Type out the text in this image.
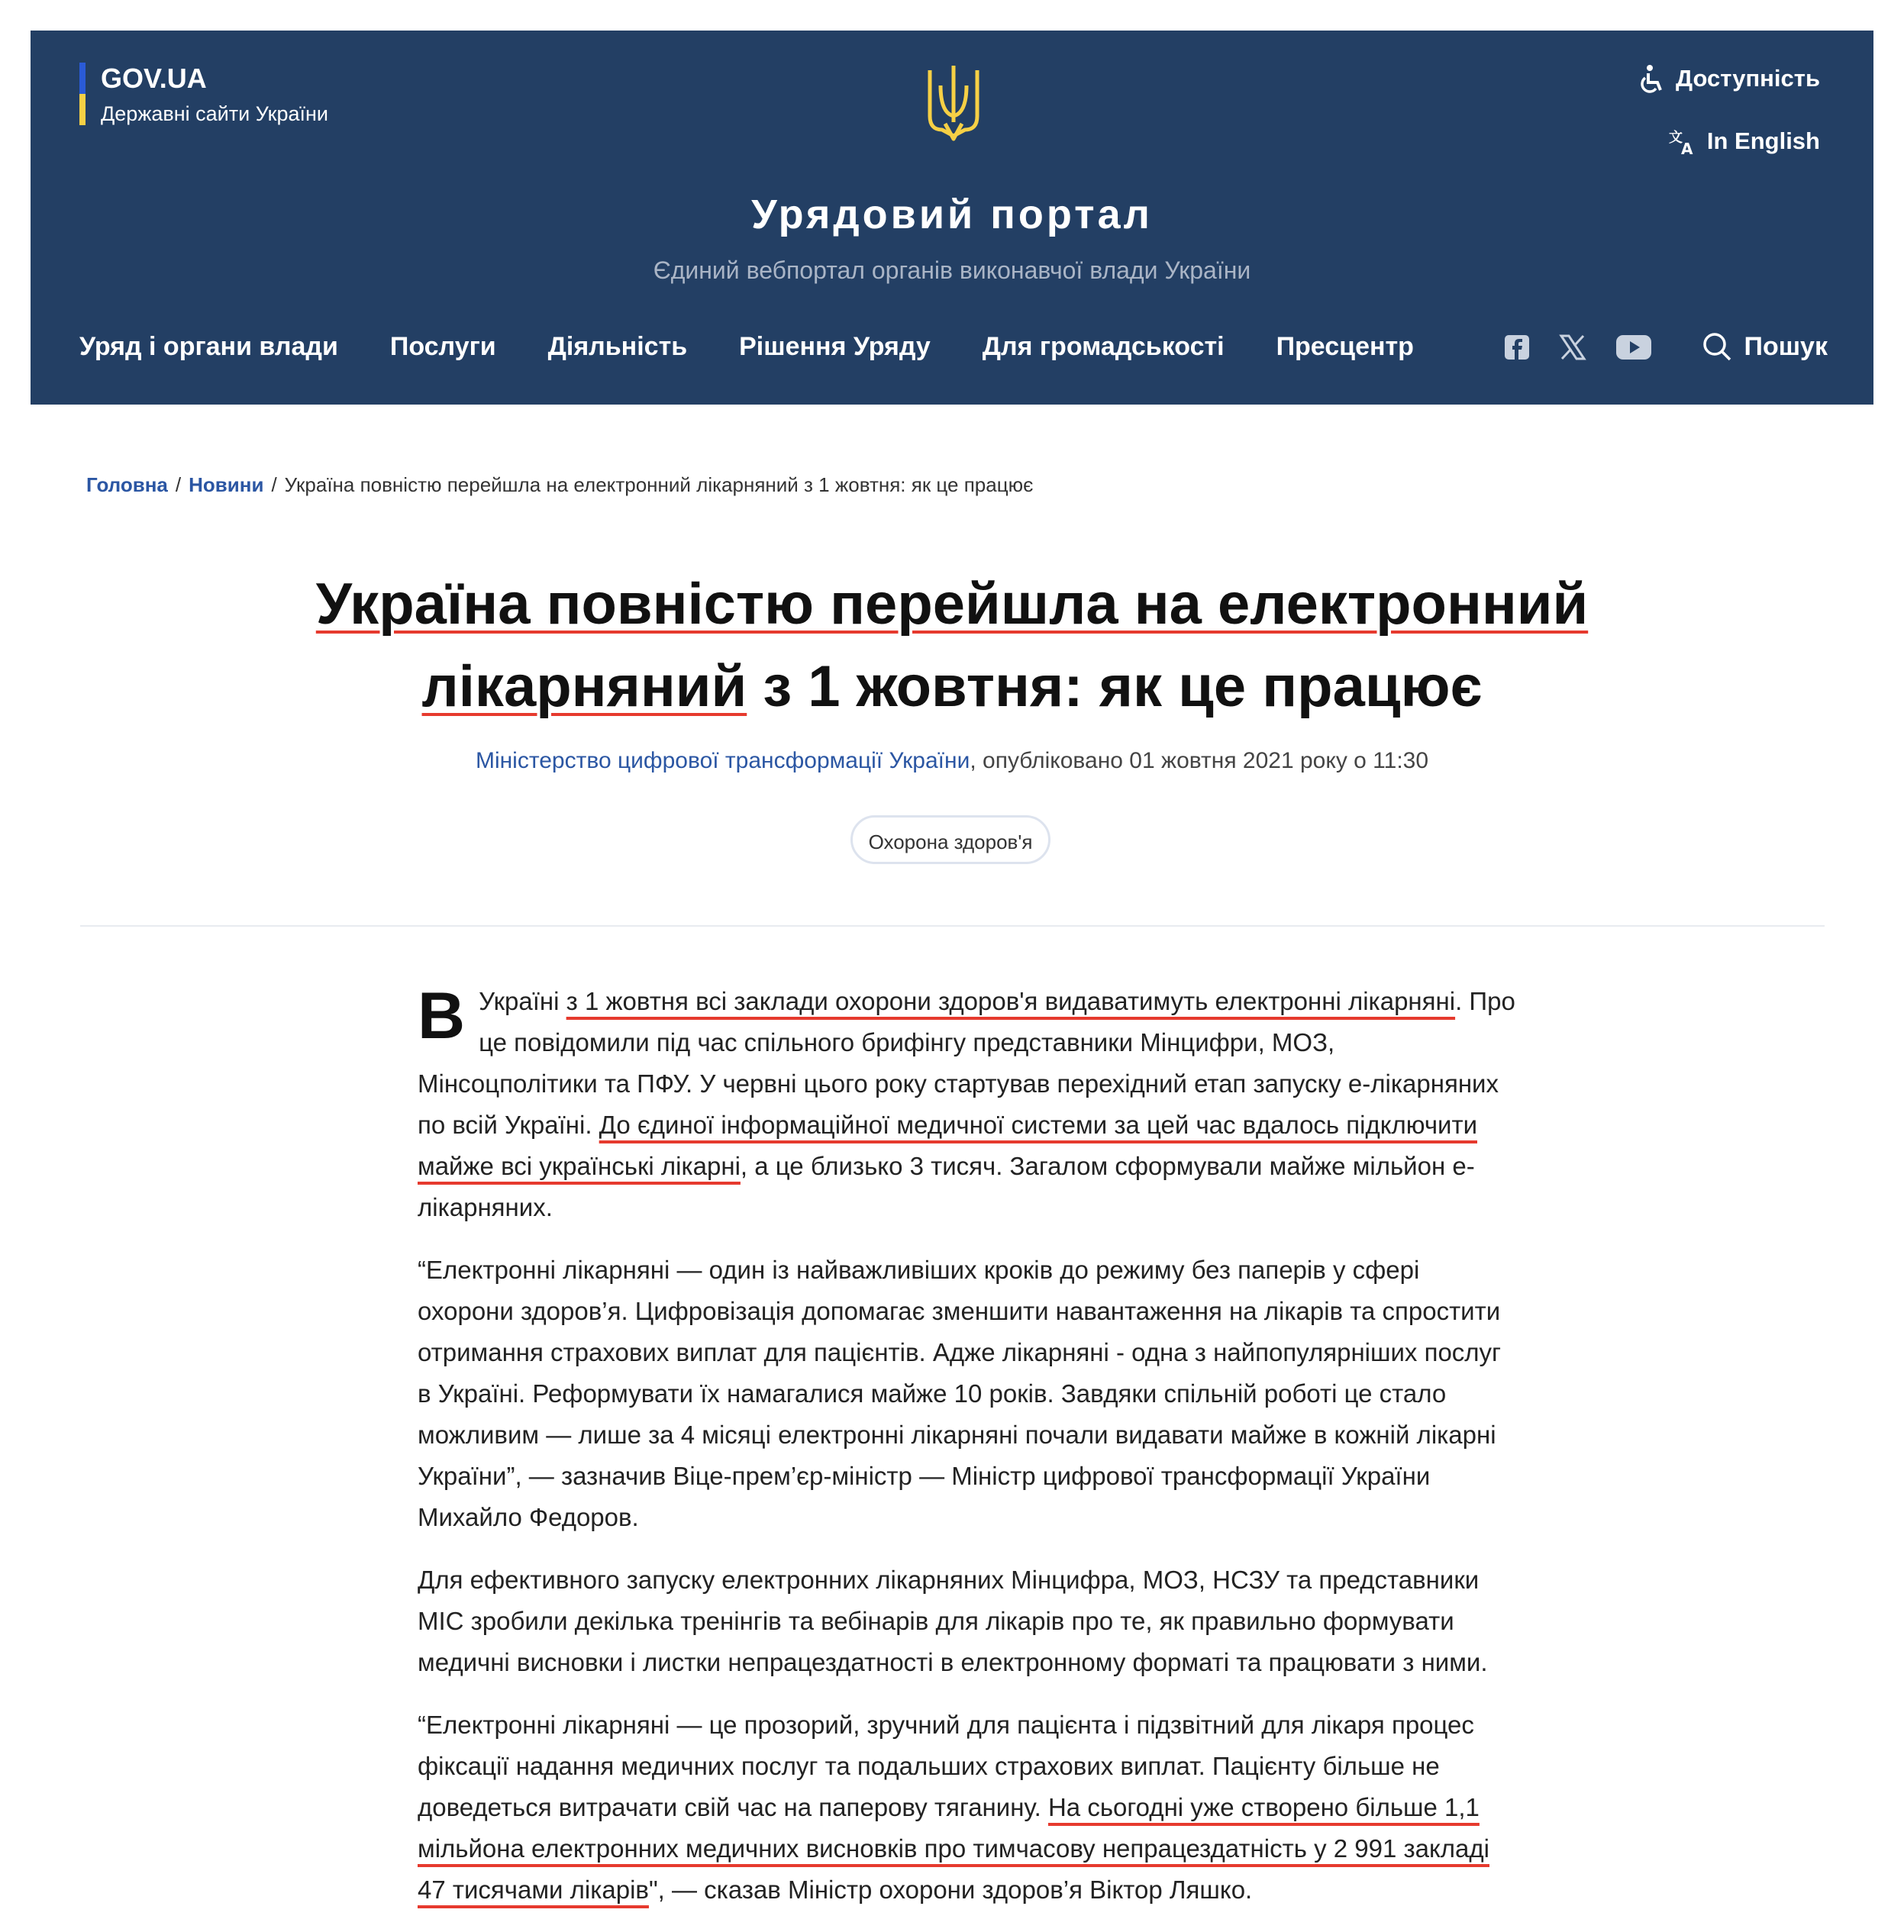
GOV.UA
Державні сайти України
Доступність
文
A In English
Урядовий портал
Єдиний вебпортал органів виконавчої влади України
Уряд і органи влади Послуги Діяльність Рішення Уряду Для громадськості Пресцентр	Пошук
Головна / Новини / Україна повністю перейшла на електронний лікарняний з 1 жовтня: як це працює
Україна повністю перейшла на електронний
лікарняний з 1 жовтня: як це працює
Міністерство цифрової трансформації України, опубліковано 01 жовтня 2021 року о 11:30
Охорона здоров'я

В Україні з 1 жовтня всі заклади охорони здоров'я видаватимуть електронні лікарняні. Про це повідомили під час спільного брифінгу представники Мінцифри, МОЗ, Мінсоцполітики та ПФУ. У червні цього року стартував перехідний етап запуску е-лікарняних по всій Україні. До єдиної інформаційної медичної системи за цей час вдалось підключити майже всі українські лікарні, а це близько 3 тисяч. Загалом сформували майже мільйон е-лікарняних.

“Електронні лікарняні — один із найважливіших кроків до режиму без паперів у сфері охорони здоров’я. Цифровізація допомагає зменшити навантаження на лікарів та спростити отримання страхових виплат для пацієнтів. Адже лікарняні - одна з найпопулярніших послуг в Україні. Реформувати їх намагалися майже 10 років. Завдяки спільній роботі це стало можливим — лише за 4 місяці електронні лікарняні почали видавати майже в кожній лікарні України”, — зазначив Віце-прем’єр-міністр — Міністр цифрової трансформації України Михайло Федоров.

Для ефективного запуску електронних лікарняних Мінцифра, МОЗ, НСЗУ та представники МІС зробили декілька тренінгів та вебінарів для лікарів про те, як правильно формувати медичні висновки і листки непрацездатності в електронному форматі та працювати з ними.

“Електронні лікарняні — це прозорий, зручний для пацієнта і підзвітний для лікаря процес фіксації надання медичних послуг та подальших страхових виплат. Пацієнту більше не доведеться витрачати свій час на паперову тяганину. На сьогодні уже створено більше 1,1 мільйона електронних медичних висновків про тимчасову непрацездатність у 2 991 закладі 47 тисячами лікарів", — сказав Міністр охорони здоров’я Віктор Ляшко.
